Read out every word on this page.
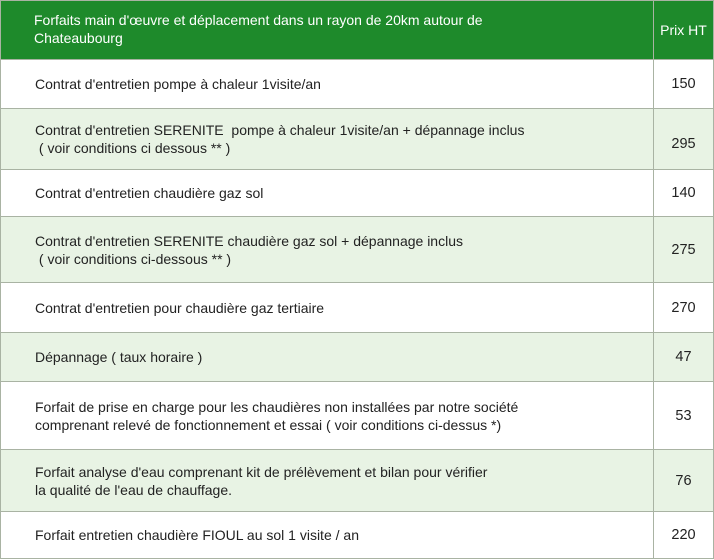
Forfaits main d'œuvre et déplacement dans un rayon de 20km autour de Chateaubourg	Prix HT

Contrat d'entretien pompe à chaleur 1visite/an	150

Contrat d'entretien SERENITE  pompe à chaleur 1visite/an + dépannage inclus
( voir conditions ci dessous ** )	295

Contrat d'entretien chaudière gaz sol	140

Contrat d'entretien SERENITE chaudière gaz sol + dépannage inclus
( voir conditions ci-dessous ** )	275

Contrat d'entretien pour chaudière gaz tertiaire	270

Dépannage ( taux horaire )	47

Forfait de prise en charge pour les chaudières non installées par notre société
comprenant relevé de fonctionnement et essai ( voir conditions ci-dessus *)	53

Forfait analyse d'eau comprenant kit de prélèvement et bilan pour vérifier
la qualité de l'eau de chauffage.	76

Forfait entretien chaudière FIOUL au sol 1 visite / an	220
